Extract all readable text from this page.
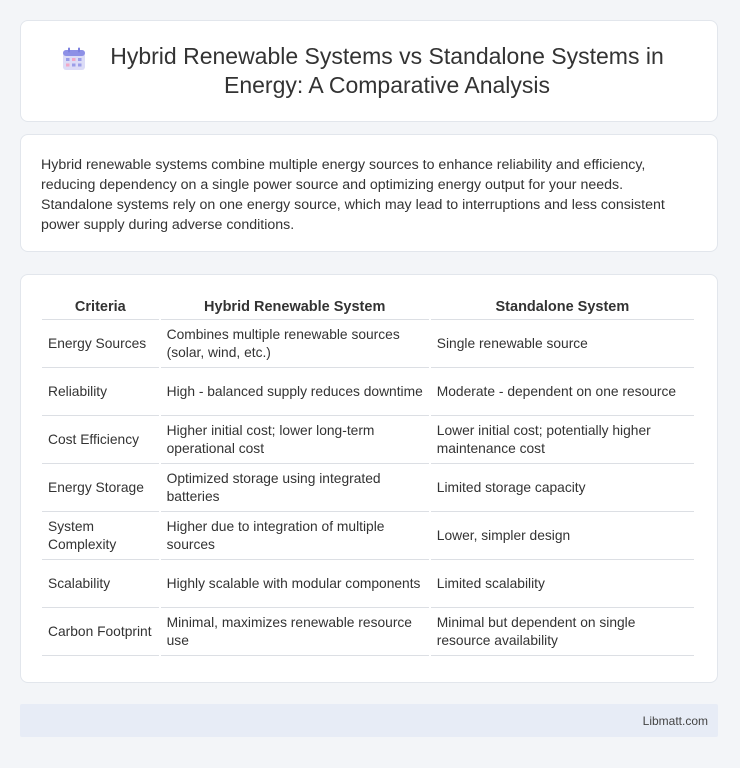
Hybrid Renewable Systems vs Standalone Systems in Energy: A Comparative Analysis

Hybrid renewable systems combine multiple energy sources to enhance reliability and efficiency, reducing dependency on a single power source and optimizing energy output for your needs. Standalone systems rely on one energy source, which may lead to interruptions and less consistent power supply during adverse conditions.

Criteria	Hybrid Renewable System	Standalone System
Energy Sources	Combines multiple renewable sources (solar, wind, etc.)	Single renewable source
Reliability	High - balanced supply reduces downtime	Moderate - dependent on one resource
Cost Efficiency	Higher initial cost; lower long-term operational cost	Lower initial cost; potentially higher maintenance cost
Energy Storage	Optimized storage using integrated batteries	Limited storage capacity
System Complexity	Higher due to integration of multiple sources	Lower, simpler design
Scalability	Highly scalable with modular components	Limited scalability
Carbon Footprint	Minimal, maximizes renewable resource use	Minimal but dependent on single resource availability
Libmatt.com
